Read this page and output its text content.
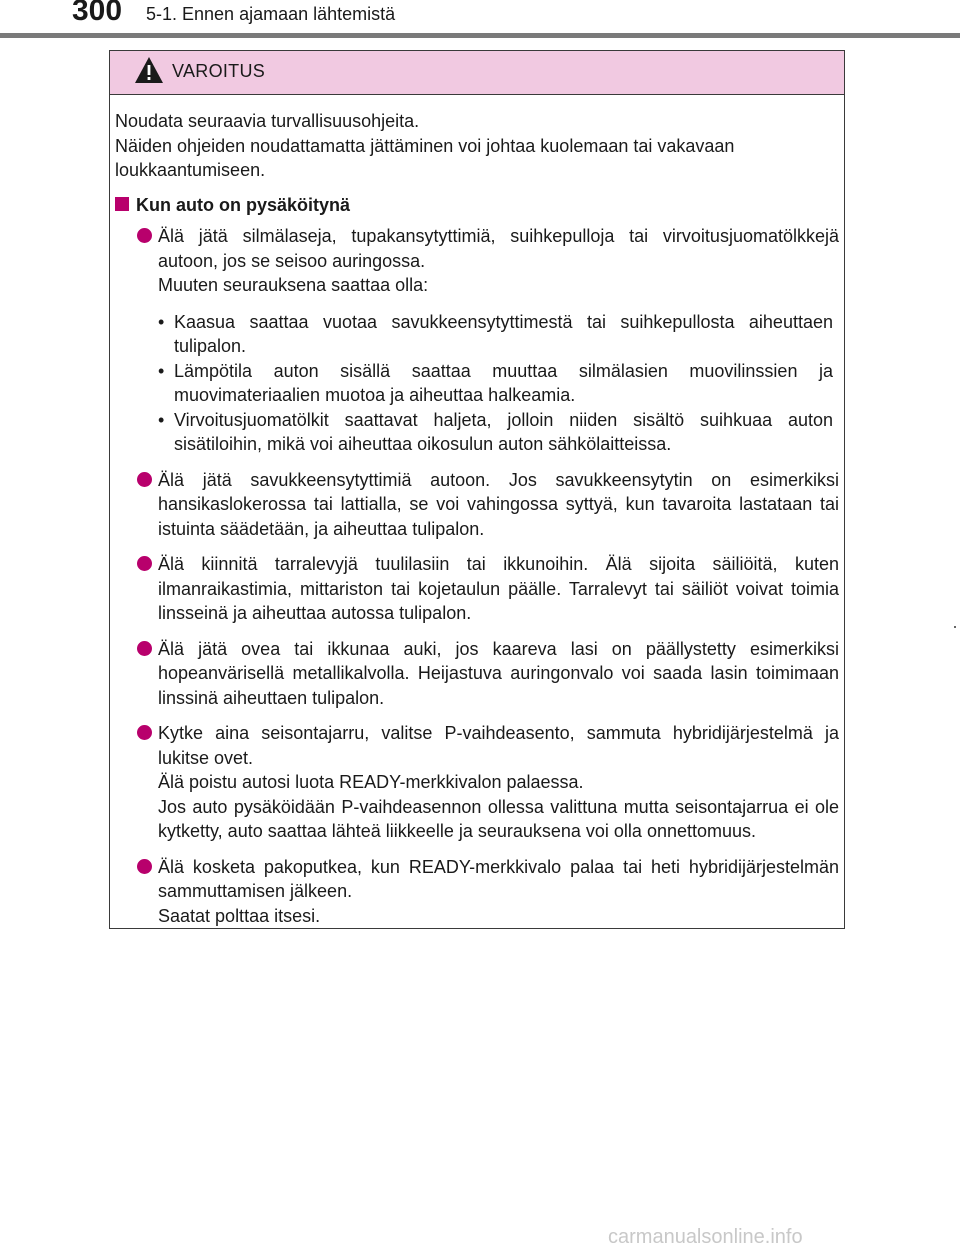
300 5-1. Ennen ajamaan lähtemistä
VAROITUS

Noudata seuraavia turvallisuusohjeita.
Näiden ohjeiden noudattamatta jättäminen voi johtaa kuolemaan tai vakavaan loukkaantumiseen.

Kun auto on pysäköitynä
Älä jätä silmälaseja, tupakansytyttimiä, suihkepulloja tai virvoitusjuomatölkkejä autoon, jos se seisoo auringossa.
Muuten seurauksena saattaa olla:
• Kaasua saattaa vuotaa savukkeensytyttimestä tai suihkepullosta aiheuttaen tulipalon.
• Lämpötila auton sisällä saattaa muuttaa silmälasien muovilinssien ja muovimateriaalien muotoa ja aiheuttaa halkeamia.
• Virvoitusjuomatölkit saattavat haljeta, jolloin niiden sisältö suihkuaa auton sisätiloihin, mikä voi aiheuttaa oikosulun auton sähkölaitteissa.
Älä jätä savukkeensytyttimiä autoon. Jos savukkeensytytin on esimerkiksi hansikaslokerossa tai lattialla, se voi vahingossa syttyä, kun tavaroita lastataan tai istuinta säädetään, ja aiheuttaa tulipalon.
Älä kiinnitä tarralevyjä tuulilasiin tai ikkunoihin. Älä sijoita säiliöitä, kuten ilmanraikastimia, mittariston tai kojetaulun päälle. Tarralevyt tai säiliöt voivat toimia linsseinä ja aiheuttaa autossa tulipalon.
Älä jätä ovea tai ikkunaa auki, jos kaareva lasi on päällystetty esimerkiksi hopeanvärisellä metallikalvolla. Heijastuva auringonvalo voi saada lasin toimimaan linssinä aiheuttaen tulipalon.
Kytke aina seisontajarru, valitse P-vaihdeasento, sammuta hybridijärjestelmä ja lukitse ovet.
Älä poistu autosi luota READY-merkkivalon palaessa.
Jos auto pysäköidään P-vaihdeasennon ollessa valittuna mutta seisontajarrua ei ole kytketty, auto saattaa lähteä liikkeelle ja seurauksena voi olla onnettomuus.
Älä kosketa pakoputkea, kun READY-merkkivalo palaa tai heti hybridijärjestelmän sammuttamisen jälkeen.
Saatat polttaa itsesi.
carmanualsonline.info
